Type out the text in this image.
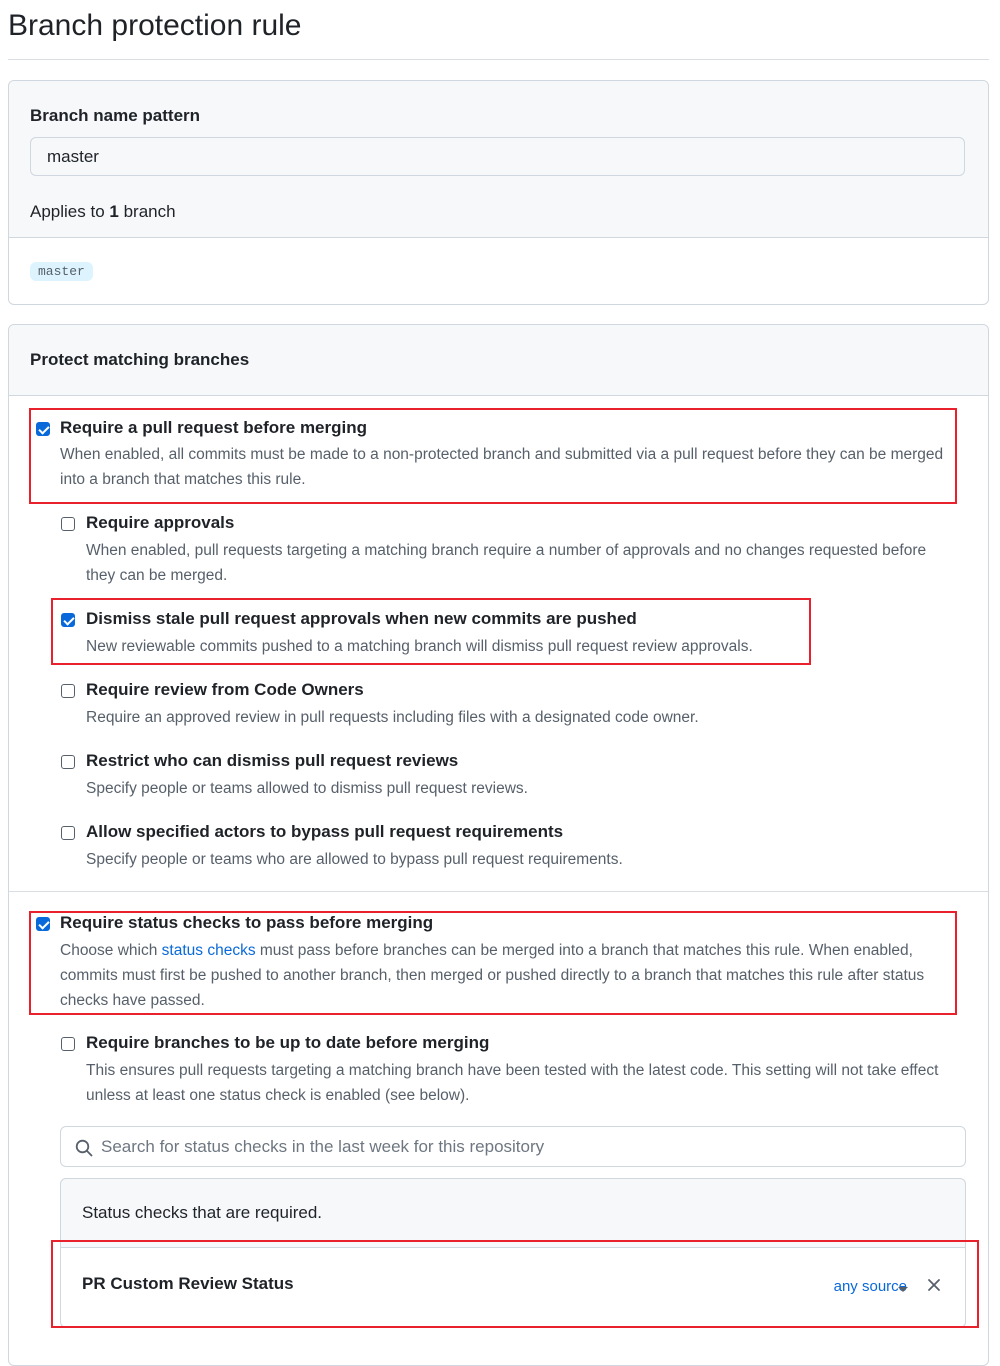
Branch protection rule
Branch name pattern
master
Applies to 1 branch
master
Protect matching branches
Require a pull request before merging
When enabled, all commits must be made to a non-protected branch and submitted via a pull request before they can be merged into a branch that matches this rule.
Require approvals
When enabled, pull requests targeting a matching branch require a number of approvals and no changes requested before they can be merged.
Dismiss stale pull request approvals when new commits are pushed
New reviewable commits pushed to a matching branch will dismiss pull request review approvals.
Require review from Code Owners
Require an approved review in pull requests including files with a designated code owner.
Restrict who can dismiss pull request reviews
Specify people or teams allowed to dismiss pull request reviews.
Allow specified actors to bypass pull request requirements
Specify people or teams who are allowed to bypass pull request requirements.
Require status checks to pass before merging
Choose which status checks must pass before branches can be merged into a branch that matches this rule. When enabled, commits must first be pushed to another branch, then merged or pushed directly to a branch that matches this rule after status checks have passed.
Require branches to be up to date before merging
This ensures pull requests targeting a matching branch have been tested with the latest code. This setting will not take effect unless at least one status check is enabled (see below).
Search for status checks in the last week for this repository
Status checks that are required.
PR Custom Review Status	any source
